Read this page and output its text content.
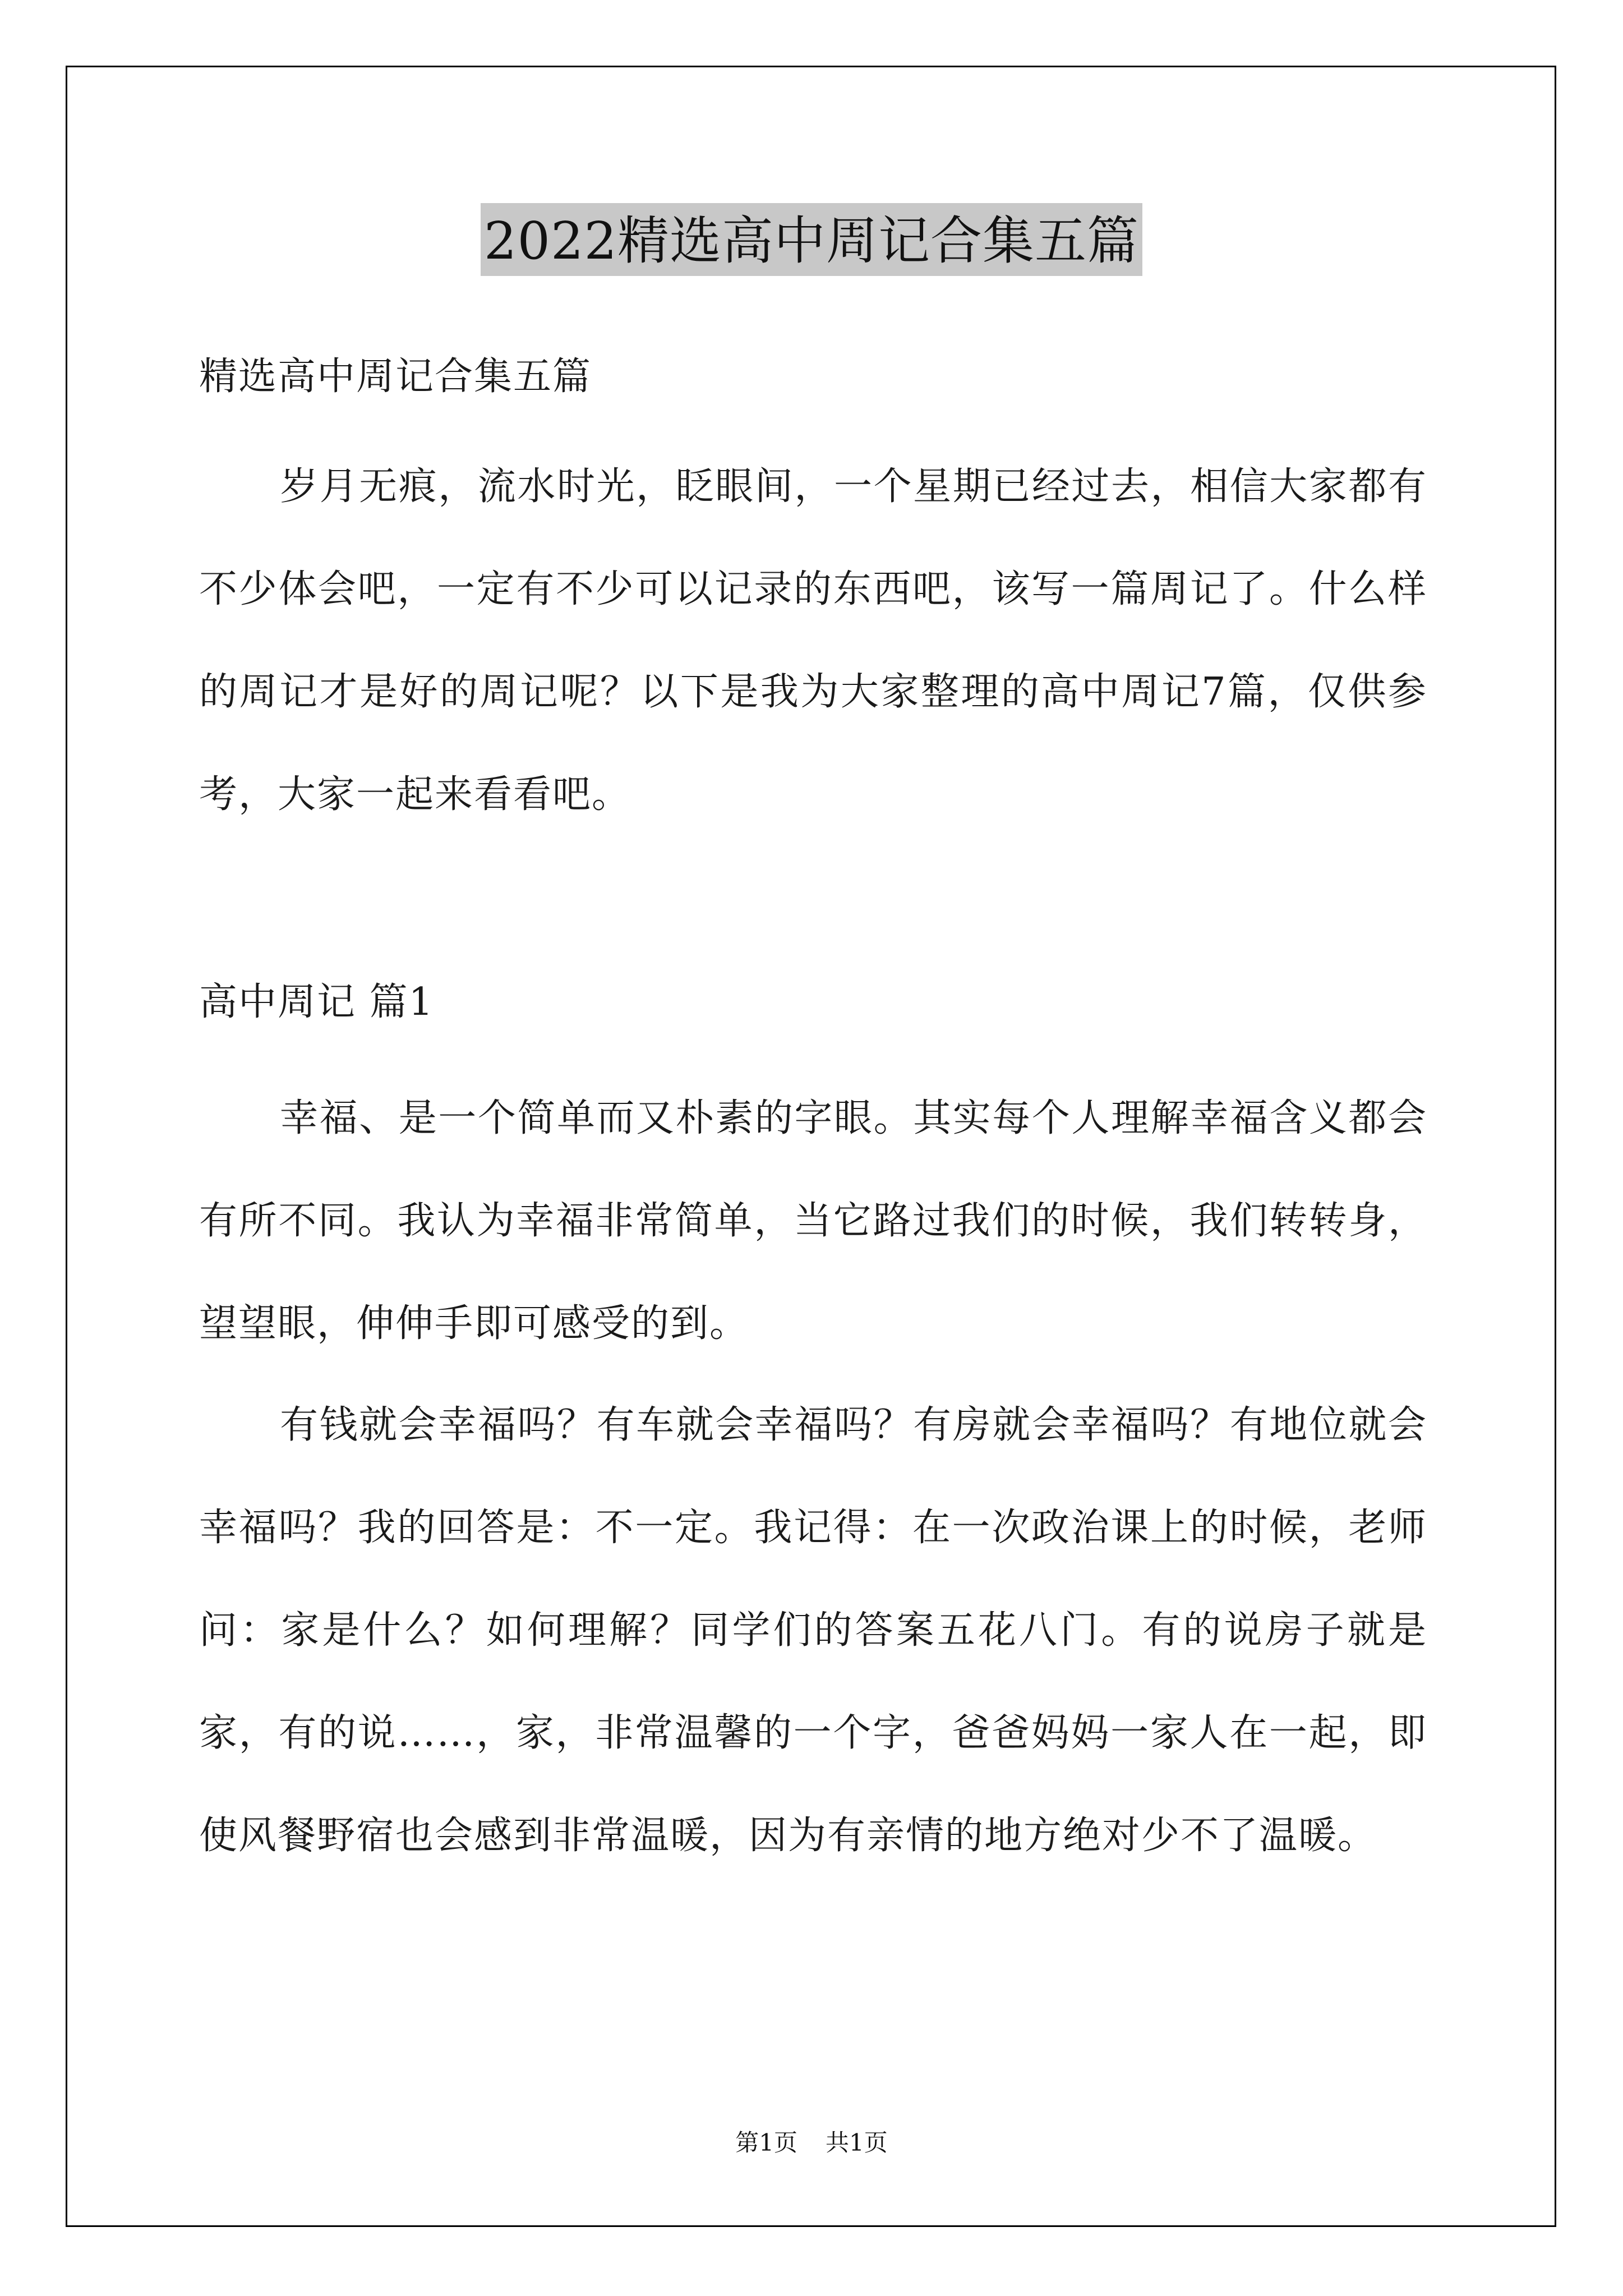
2022精选高中周记合集五篇
精选高中周记合集五篇

岁月无痕，流水时光，眨眼间，一个星期已经过去，相信大家都有不少体会吧，一定有不少可以记录的东西吧，该写一篇周记了。什么样的周记才是好的周记呢？以下是我为大家整理的高中周记7篇，仅供参考，大家一起来看看吧。

高中周记 篇1

幸福、是一个简单而又朴素的字眼。其实每个人理解幸福含义都会有所不同。我认为幸福非常简单，当它路过我们的时候，我们转转身，望望眼，伸伸手即可感受的到。

有钱就会幸福吗？有车就会幸福吗？有房就会幸福吗？有地位就会幸福吗？我的回答是：不一定。我记得：在一次政治课上的时候，老师问：家是什么？如何理解？同学们的答案五花八门。有的说房子就是家，有的说……，家，非常温馨的一个字，爸爸妈妈一家人在一起，即使风餐野宿也会感到非常温暖，因为有亲情的地方绝对少不了温暖。

第1页 共1页
